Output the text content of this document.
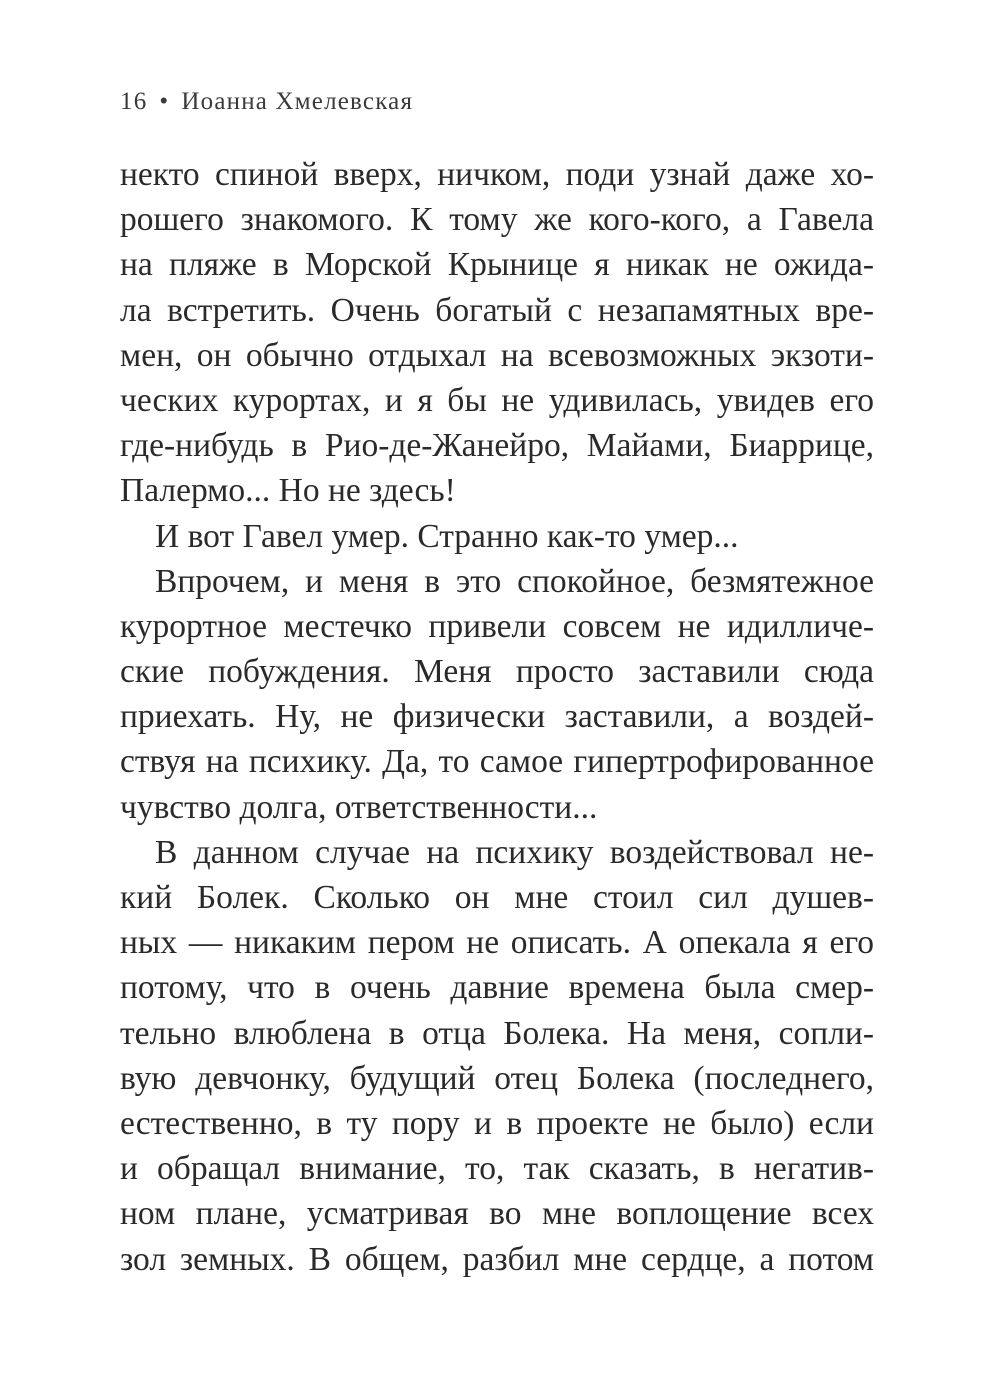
16 • Иоанна Хмелевская
некто спиной вверх, ничком, поди узнай даже хо-
рошего знакомого. К тому же кого-кого, а Гавела
на пляже в Морской Крынице я никак не ожида-
ла встретить. Очень богатый с незапамятных вре-
мен, он обычно отдыхал на всевозможных экзоти-
ческих курортах, и я бы не удивилась, увидев его
где-нибудь в Рио-де-Жанейро, Майами, Биаррице,
Палермо... Но не здесь!
И вот Гавел умер. Странно как-то умер...
Впрочем, и меня в это спокойное, безмятежное
курортное местечко привели совсем не идилличе-
ские побуждения. Меня просто заставили сюда
приехать. Ну, не физически заставили, а воздей-
ствуя на психику. Да, то самое гипертрофированное
чувство долга, ответственности...
В данном случае на психику воздействовал не-
кий Болек. Сколько он мне стоил сил душев-
ных — никаким пером не описать. А опекала я его
потому, что в очень давние времена была смер-
тельно влюблена в отца Болека. На меня, сопли-
вую девчонку, будущий отец Болека (последнего,
естественно, в ту пору и в проекте не было) если
и обращал внимание, то, так сказать, в негатив-
ном плане, усматривая во мне воплощение всех
зол земных. В общем, разбил мне сердце, а потом
